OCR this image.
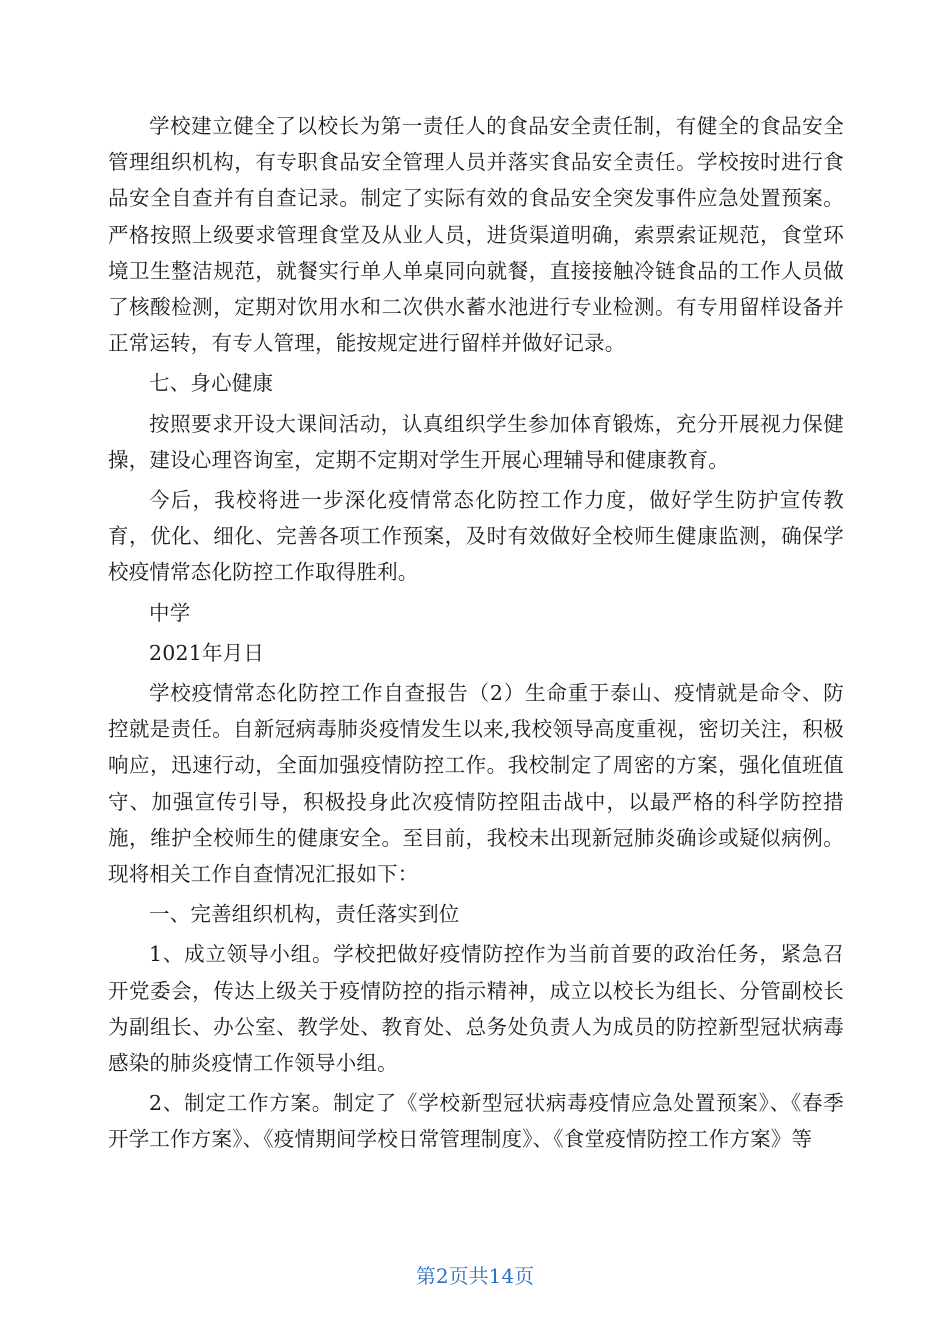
学校建立健全了以校长为第一责任人的食品安全责任制，有健全的食品安全管理组织机构，有专职食品安全管理人员并落实食品安全责任。学校按时进行食品安全自查并有自查记录。制定了实际有效的食品安全突发事件应急处置预案。严格按照上级要求管理食堂及从业人员，进货渠道明确，索票索证规范，食堂环境卫生整洁规范，就餐实行单人单桌同向就餐，直接接触冷链食品的工作人员做了核酸检测，定期对饮用水和二次供水蓄水池进行专业检测。有专用留样设备并正常运转，有专人管理，能按规定进行留样并做好记录。

七、身心健康

按照要求开设大课间活动，认真组织学生参加体育锻炼，充分开展视力保健操，建设心理咨询室，定期不定期对学生开展心理辅导和健康教育。

今后，我校将进一步深化疫情常态化防控工作力度，做好学生防护宣传教育，优化、细化、完善各项工作预案，及时有效做好全校师生健康监测，确保学校疫情常态化防控工作取得胜利。

中学

2021年月日

学校疫情常态化防控工作自查报告（2）生命重于泰山、疫情就是命令、防控就是责任。自新冠病毒肺炎疫情发生以来,我校领导高度重视，密切关注，积极响应，迅速行动，全面加强疫情防控工作。我校制定了周密的方案，强化值班值守、加强宣传引导，积极投身此次疫情防控阻击战中，以最严格的科学防控措施，维护全校师生的健康安全。至目前，我校未出现新冠肺炎确诊或疑似病例。现将相关工作自查情况汇报如下：

一、完善组织机构，责任落实到位

1、成立领导小组。学校把做好疫情防控作为当前首要的政治任务，紧急召开党委会，传达上级关于疫情防控的指示精神，成立以校长为组长、分管副校长为副组长、办公室、教学处、教育处、总务处负责人为成员的防控新型冠状病毒感染的肺炎疫情工作领导小组。

2、制定工作方案。制定了《学校新型冠状病毒疫情应急处置预案》、《春季开学工作方案》、《疫情期间学校日常管理制度》、《食堂疫情防控工作方案》等

第2页共14页
